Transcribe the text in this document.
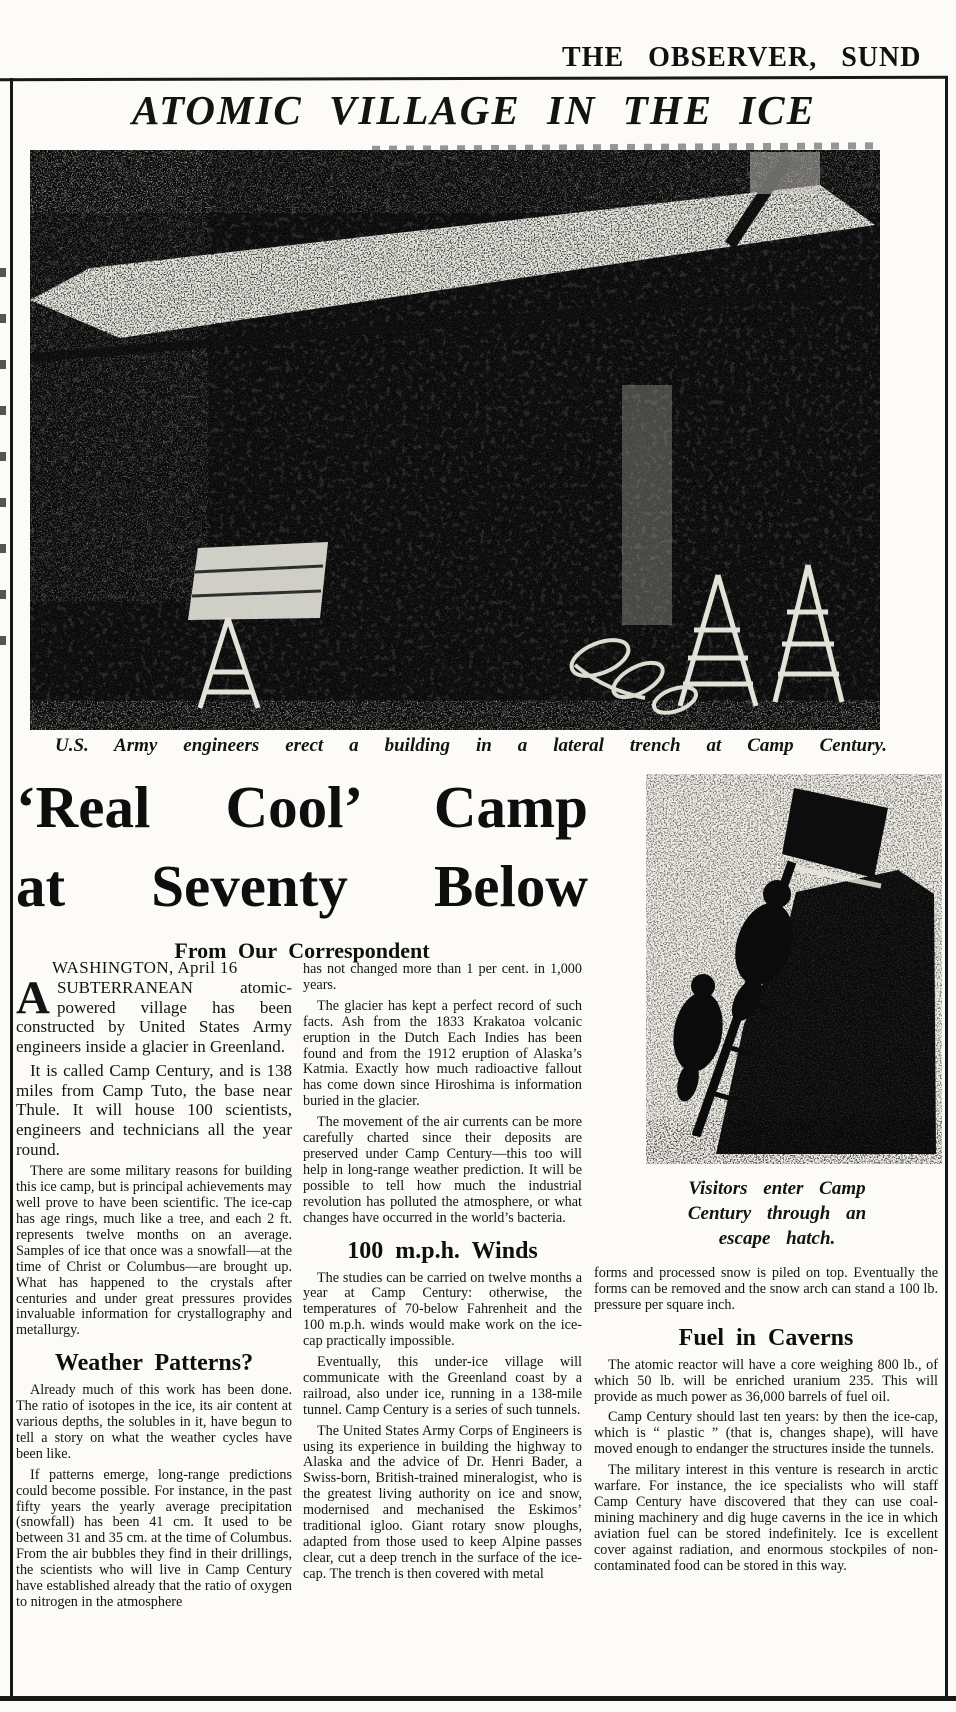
THE OBSERVER, SUND
ATOMIC VILLAGE IN THE ICE
U.S. Army engineers erect a building in a lateral trench at Camp Century.
‘Real Cool’ Camp
at Seventy Below
From Our Correspondent
Visitors enter Camp
Century through an
escape hatch.

WASHINGTON, April 16

ASUBTERRANEAN atomic-powered village has been constructed by United States Army engineers inside a glacier in Greenland.

It is called Camp Century, and is 138 miles from Camp Tuto, the base near Thule. It will house 100 scientists, engineers and technicians all the year round.

There are some military reasons for building this ice camp, but is principal achievements may well prove to have been scientific. The ice-cap has age rings, much like a tree, and each 2 ft. represents twelve months on an average. Samples of ice that once was a snowfall—at the time of Christ or Columbus—are brought up. What has happened to the crystals after centuries and under great pressures provides invaluable information for crystallography and metallurgy.

Weather Patterns?

Already much of this work has been done. The ratio of isotopes in the ice, its air content at various depths, the solubles in it, have begun to tell a story on what the weather cycles have been like.

If patterns emerge, long-range predictions could become possible. For instance, in the past fifty years the yearly average precipitation (snowfall) has been 41 cm. It used to be between 31 and 35 cm. at the time of Columbus. From the air bubbles they find in their drillings, the scientists who will live in Camp Century have established already that the ratio of oxygen to nitrogen in the atmosphere

has not changed more than 1 per cent. in 1,000 years.

The glacier has kept a perfect record of such facts. Ash from the 1833 Krakatoa volcanic eruption in the Dutch Each Indies has been found and from the 1912 eruption of Alaska’s Katmia. Exactly how much radioactive fallout has come down since Hiroshima is information buried in the glacier.

The movement of the air currents can be more carefully charted since their deposits are preserved under Camp Century—this too will help in long-range weather prediction. It will be possible to tell how much the industrial revolution has polluted the atmosphere, or what changes have occurred in the world’s bacteria.

100 m.p.h. Winds

The studies can be carried on twelve months a year at Camp Century: otherwise, the temperatures of 70-below Fahrenheit and the 100 m.p.h. winds would make work on the ice-cap practically impossible.

Eventually, this under-ice village will communicate with the Greenland coast by a railroad, also under ice, running in a 138-mile tunnel. Camp Century is a series of such tunnels.

The United States Army Corps of Engineers is using its experience in building the highway to Alaska and the advice of Dr. Henri Bader, a Swiss-born, British-trained mineralogist, who is the greatest living authority on ice and snow, modernised and mechanised the Eskimos’ traditional igloo. Giant rotary snow ploughs, adapted from those used to keep Alpine passes clear, cut a deep trench in the surface of the ice-cap. The trench is then covered with metal

forms and processed snow is piled on top. Eventually the forms can be removed and the snow arch can stand a 100 lb. pressure per square inch.

Fuel in Caverns

The atomic reactor will have a core weighing 800 lb., of which 50 lb. will be enriched uranium 235. This will provide as much power as 36,000 barrels of fuel oil.

Camp Century should last ten years: by then the ice-cap, which is “ plastic ” (that is, changes shape), will have moved enough to endanger the structures inside the tunnels.

The military interest in this venture is research in arctic warfare. For instance, the ice specialists who will staff Camp Century have discovered that they can use coal-mining machinery and dig huge caverns in the ice in which aviation fuel can be stored indefinitely. Ice is excellent cover against radiation, and enormous stockpiles of non-contaminated food can be stored in this way.
